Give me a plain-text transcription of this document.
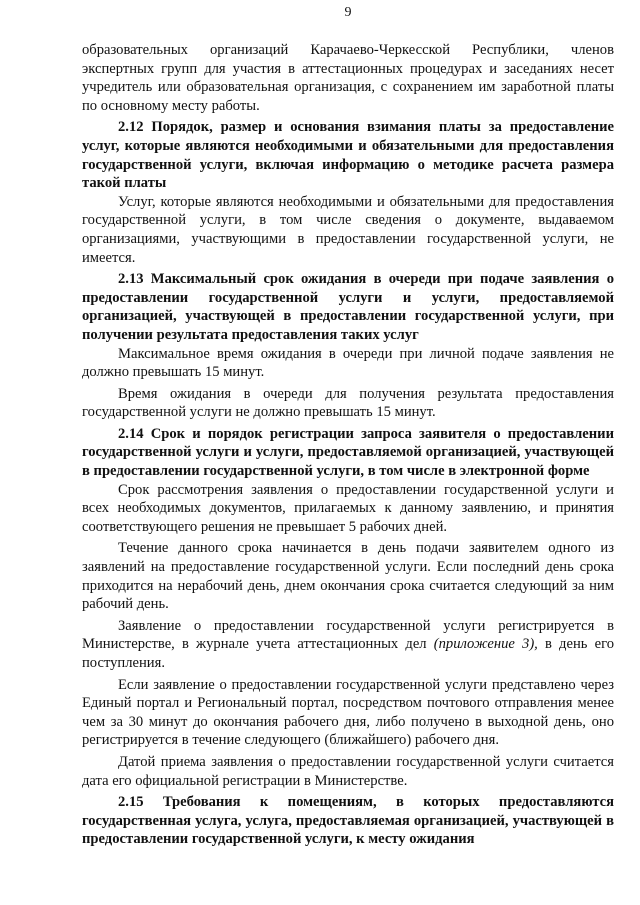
9

образовательных организаций Карачаево-Черкесской Республики, членов экспертных групп для участия в аттестационных процедурах и заседаниях несет учредитель или образовательная организация, с сохранением им заработной платы по основному месту работы.

2.12 Порядок, размер и основания взимания платы за предоставление услуг, которые являются необходимыми и обязательными для предоставления государственной услуги, включая информацию о методике расчета размера такой платы

Услуг, которые являются необходимыми и обязательными для предоставления государственной услуги, в том числе сведения о документе, выдаваемом организациями, участвующими в предоставлении государственной услуги, не имеется.

2.13 Максимальный срок ожидания в очереди при подаче заявления о предоставлении государственной услуги и услуги, предоставляемой организацией, участвующей в предоставлении государственной услуги, при получении результата предоставления таких услуг

Максимальное время ожидания в очереди при личной подаче заявления не должно превышать 15 минут.

Время ожидания в очереди для получения результата предоставления государственной услуги не должно превышать 15 минут.

2.14 Срок и порядок регистрации запроса заявителя о предоставлении государственной услуги и услуги, предоставляемой организацией, участвующей в предоставлении государственной услуги, в том числе в электронной форме

Срок рассмотрения заявления о предоставлении государственной услуги и всех необходимых документов, прилагаемых к данному заявлению, и принятия соответствующего решения не превышает 5 рабочих дней.

Течение данного срока начинается в день подачи заявителем одного из заявлений на предоставление государственной услуги. Если последний день срока приходится на нерабочий день, днем окончания срока считается следующий за ним рабочий день.

Заявление о предоставлении государственной услуги регистрируется в Министерстве, в журнале учета аттестационных дел (приложение 3), в день его поступления.

Если заявление о предоставлении государственной услуги представлено через Единый портал и Региональный портал, посредством почтового отправления менее чем за 30 минут до окончания рабочего дня, либо получено в выходной день, оно регистрируется в течение следующего (ближайшего) рабочего дня.

Датой приема заявления о предоставлении государственной услуги считается дата его официальной регистрации в Министерстве.

2.15 Требования к помещениям, в которых предоставляются государственная услуга, услуга, предоставляемая организацией, участвующей в предоставлении государственной услуги, к месту ожидания
